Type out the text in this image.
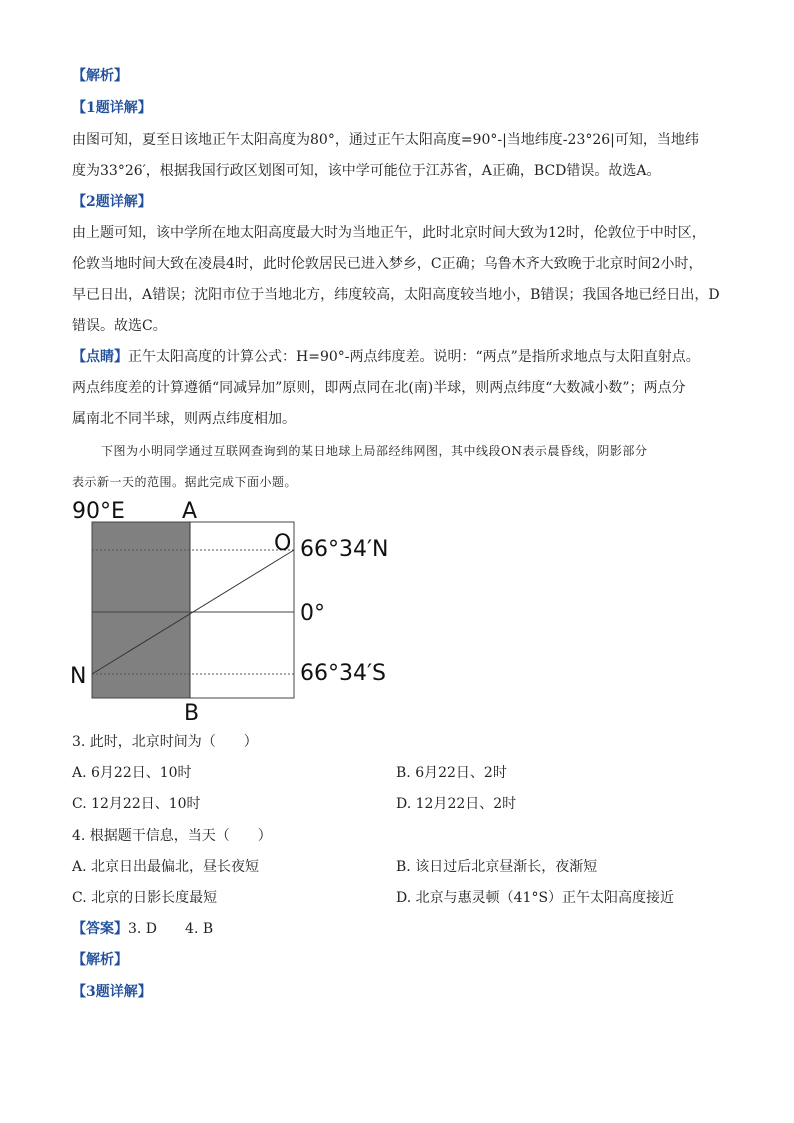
【解析】
【1题详解】
由图可知，夏至日该地正午太阳高度为80°，通过正午太阳高度=90°-|当地纬度-23°26|可知，当地纬
度为33°26′，根据我国行政区划图可知，该中学可能位于江苏省，A正确，BCD错误。故选A。
【2题详解】
由上题可知，该中学所在地太阳高度最大时为当地正午，此时北京时间大致为12时，伦敦位于中时区，
伦敦当地时间大致在凌晨4时，此时伦敦居民已进入梦乡，C正确；乌鲁木齐大致晚于北京时间2小时，
早已日出，A错误；沈阳市位于当地北方，纬度较高，太阳高度较当地小，B错误；我国各地已经日出，D
错误。故选C。
【点睛】正午太阳高度的计算公式：H=90°-两点纬度差。说明：“两点”是指所求地点与太阳直射点。
两点纬度差的计算遵循“同减异加”原则，即两点同在北(南)半球，则两点纬度“大数减小数”；两点分
属南北不同半球，则两点纬度相加。
下图为小明同学通过互联网查询到的某日地球上局部经纬网图，其中线段ON表示晨昏线，阴影部分
表示新一天的范围。据此完成下面小题。
90°E	A
B
O
N
66°34′N
0°
66°34′S
3. 此时，北京时间为（　　）
A. 6月22日、10时	B. 6月22日、2时
C. 12月22日、10时	D. 12月22日、2时
4. 根据题干信息，当天（　　）
A. 北京日出最偏北，昼长夜短	B. 该日过后北京昼渐长，夜渐短
C. 北京的日影长度最短	D. 北京与惠灵顿（41°S）正午太阳高度接近
【答案】3. D　　4. B
【解析】
【3题详解】
